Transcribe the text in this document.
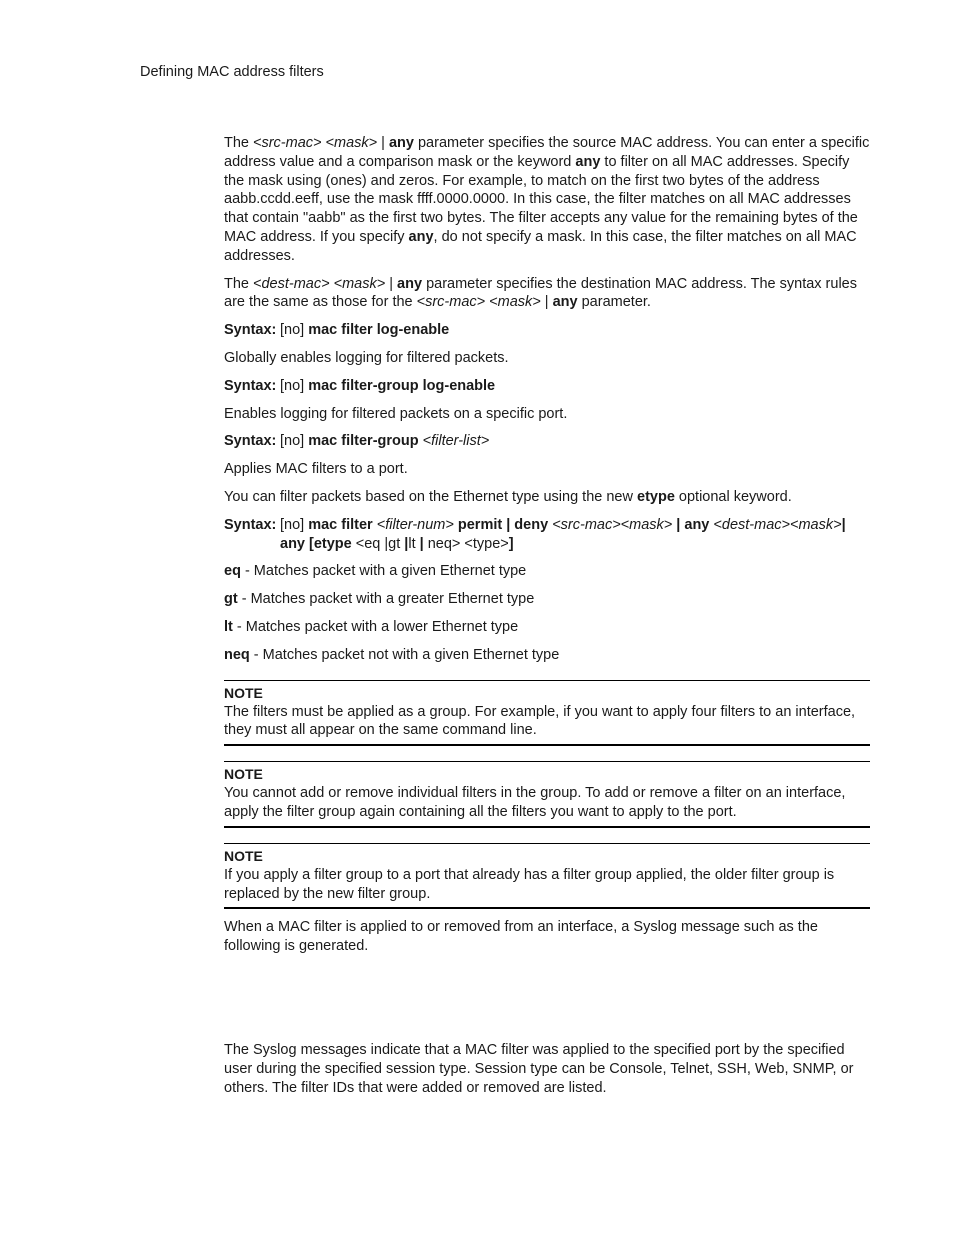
Defining MAC address filters

The <src-mac> <mask> | any parameter specifies the source MAC address. You can enter a specific address value and a comparison mask or the keyword any to filter on all MAC addresses. Specify the mask using (ones) and zeros. For example, to match on the first two bytes of the address aabb.ccdd.eeff, use the mask ffff.0000.0000. In this case, the filter matches on all MAC addresses that contain "aabb" as the first two bytes. The filter accepts any value for the remaining bytes of the MAC address. If you specify any, do not specify a mask. In this case, the filter matches on all MAC addresses.

The <dest-mac> <mask> | any parameter specifies the destination MAC address. The syntax rules are the same as those for the <src-mac> <mask> | any parameter.

Syntax: [no] mac filter log-enable

Globally enables logging for filtered packets.

Syntax: [no] mac filter-group log-enable

Enables logging for filtered packets on a specific port.

Syntax: [no] mac filter-group <filter-list>

Applies MAC filters to a port.

You can filter packets based on the Ethernet type using the new etype optional keyword.

Syntax: [no] mac filter <filter-num> permit | deny <src-mac><mask> | any <dest-mac><mask>|
any [etype <eq |gt |lt | neq> <type>]

eq - Matches packet with a given Ethernet type

gt - Matches packet with a greater Ethernet type

lt - Matches packet with a lower Ethernet type

neq - Matches packet not with a given Ethernet type

NOTE
The filters must be applied as a group. For example, if you want to apply four filters to an interface, they must all appear on the same command line.
NOTE
You cannot add or remove individual filters in the group. To add or remove a filter on an interface, apply the filter group again containing all the filters you want to apply to the port.
NOTE
If you apply a filter group to a port that already has a filter group applied, the older filter group is replaced by the new filter group.

When a MAC filter is applied to or removed from an interface, a Syslog message such as the following is generated.

The Syslog messages indicate that a MAC filter was applied to the specified port by the specified user during the specified session type. Session type can be Console, Telnet, SSH, Web, SNMP, or others. The filter IDs that were added or removed are listed.
